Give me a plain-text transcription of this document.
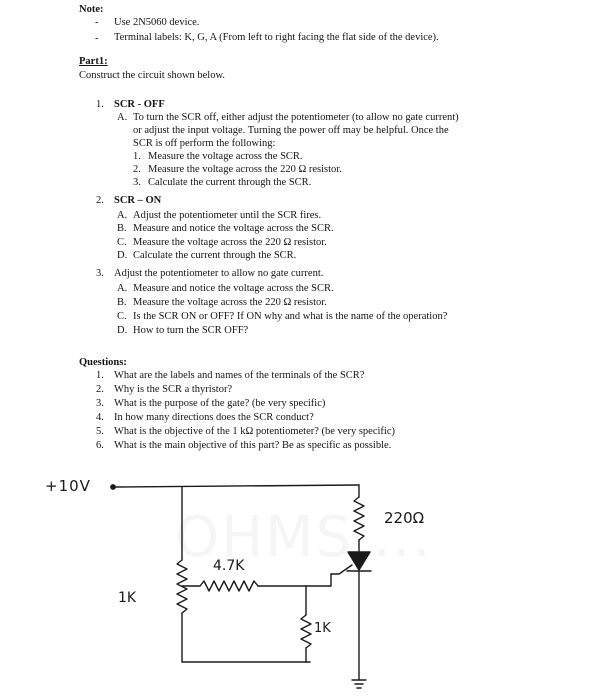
Note:
- Use 2N5060 device.
- Terminal labels: K, G, A (From left to right facing the flat side of the device).
Part1:
Construct the circuit shown below.
1. SCR - OFF
A. To turn the SCR off, either adjust the potentiometer (to allow no gate current)
or adjust the input voltage. Turning the power off may be helpful. Once the
SCR is off perform the following:
1. Measure the voltage across the SCR.
2. Measure the voltage across the 220 Ω resistor.
3. Calculate the current through the SCR.
2. SCR – ON
A. Adjust the potentiometer until the SCR fires.
B. Measure and notice the voltage across the SCR.
C. Measure the voltage across the 220 Ω resistor.
D. Calculate the current through the SCR.
3. Adjust the potentiometer to allow no gate current.
A. Measure and notice the voltage across the SCR.
B. Measure the voltage across the 220 Ω resistor.
C. Is the SCR ON or OFF? If ON why and what is the name of the operation?
D. How to turn the SCR OFF?
Questions:
1. What are the labels and names of the terminals of the SCR?
2. Why is the SCR a thyristor?
3. What is the purpose of the gate? (be very specific)
4. In how many directions does the SCR conduct?
5. What is the objective of the 1 kΩ potentiometer? (be very specific)
6. What is the main objective of this part? Be as specific as possible.
+10V
220Ω
4.7K
1K
1K
